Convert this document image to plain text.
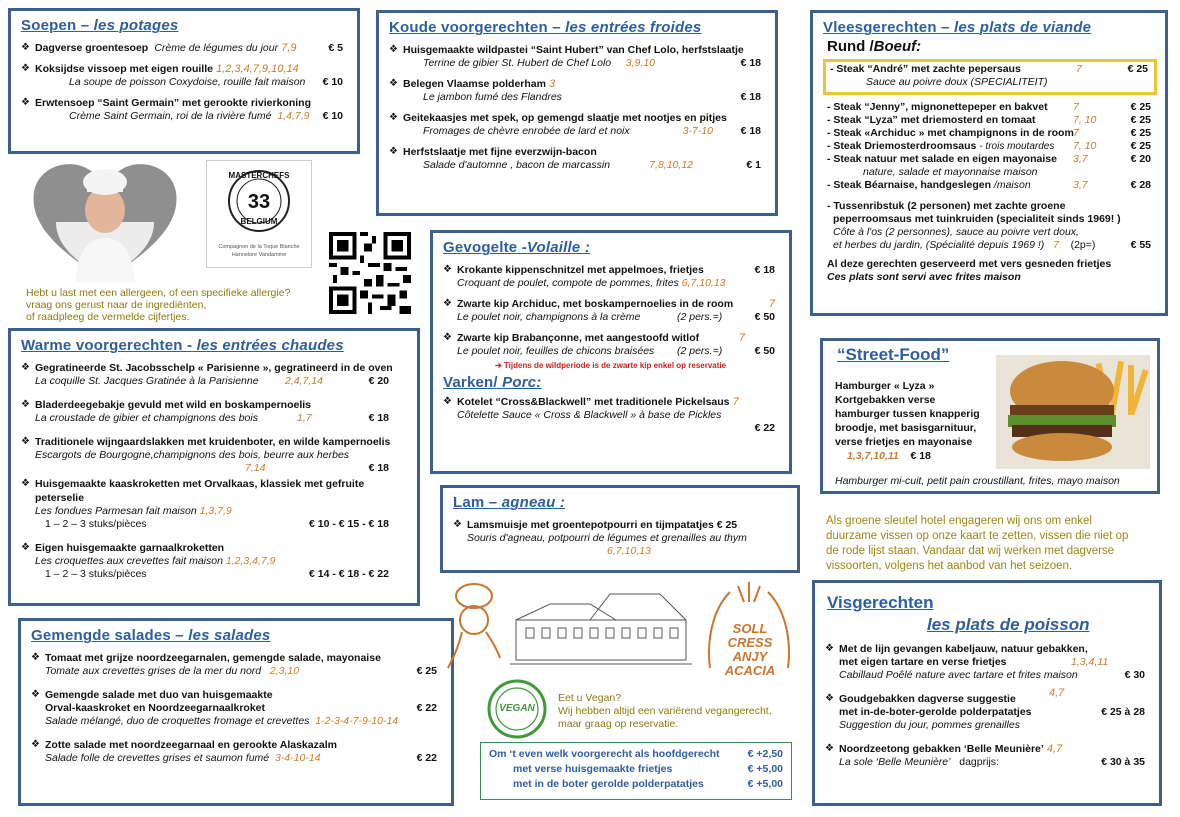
Soepen – les potages
❖ Dagverse groentesoep Crème de légumes du jour 7,9	€ 5
❖ Koksijdse vissoep met eigen rouille 1,2,3,4,7,9,10,14
La soupe de poisson Coxydoise, rouille fait maison € 10
❖ Erwtensoep “Saint Germain” met gerookte rivierkoning
Crème Saint Germain, roi de la rivière fumé 1,4,7,9 € 10
MASTERCHEFS
33
BELGIUM
Compagnon de la Toque Blanche Hannelore Vandamme
Hebt u last met een allergeen, of een specifieke allergie?
vraag ons gerust naar de ingrediënten,
of raadpleeg de vermelde cijfertjes.
Koude voorgerechten – les entrées froides
❖ Huisgemaakte wildpastei “Saint Hubert” van Chef Lolo, herfstslaatje
Terrine de gibier St. Hubert de Chef Lolo 3,9,10	€ 18
❖ Belegen Vlaamse polderham 3
Le jambon fumé des Flandres	€ 18
❖ Geitekaasjes met spek, op gemengd slaatje met nootjes en pitjes
Fromages de chèvre enrobée de lard et noix	3-7-10	€ 18
❖ Herfstslaatje met fijne everzwijn-bacon
Salade d'automne , bacon de marcassin	7,8,10,12	€ 1
Vleesgerechten – les plats de viande
Rund /Boeuf:
- Steak “André” met zachte pepersaus	7	€ 25
Sauce au poivre doux (SPECIALITEIT)
- Steak “Jenny”, mignonettepeper en bakvet 7	€ 25
- Steak “Lyza” met driemosterd en tomaat	7, 10	€ 25
- Steak «Archiduc » met champignons in de room 7	€ 25
- Steak Driemosterdroomsaus - trois moutardes 7, 10	€ 25
- Steak natuur met salade en eigen mayonaise 3,7	€ 20
nature, salade et mayonnaise maison
- Steak Béarnaise, handgeslegen /maison	3,7	€ 28
- Tussenribstuk (2 personen) met zachte groene
peperroomsaus met tuinkruiden (specialiteit sinds 1969! )
Côte à l'os (2 personnes), sauce au poivre vert doux,
et herbes du jardin, (Spécialité depuis 1969 !) 7 (2p=)	€ 55
Al deze gerechten geserveerd met vers gesneden frietjes
Ces plats sont servi avec frites maison
Gevogelte -Volaille :
❖ Krokante kippenschnitzel met appelmoes, frietjes	€ 18
Croquant de poulet, compote de pommes, frites 6,7,10,13
❖ Zwarte kip Archiduc, met boskampernoelies in de room	7
Le poulet noir, champignons à la crème	(2 pers.=)	€ 50
❖ Zwarte kip Brabançonne, met aangestoofd witlof	7
Le poulet noir, feuilles de chicons braisées (2 pers.=)	€ 50
➔ Tijdens de wildperiode is de zwarte kip enkel op reservatie
Varken/ Porc:
❖ Kotelet “Cross&Blackwell” met traditionele Pickelsaus 7
Côtelette Sauce « Cross & Blackwell » à base de Pickles
€ 22
Lam – agneau :
❖ Lamsmuisje met groentepotpourri en tijmpatatjes € 25
Souris d'agneau, potpourri de légumes et grenailles au thym
6,7,10,13
Warme voorgerechten - les entrées chaudes
❖ Gegratineerde St. Jacobsschelp « Parisienne », gegratineerd in de oven
La coquille St. Jacques Gratinée à la Parisienne	2,4,7,14	€ 20
❖ Bladerdeegebakje gevuld met wild en boskampernoelis
La croustade de gibier et champignons des bois	1,7	€ 18
❖ Traditionele wijngaardslakken met kruidenboter, en wilde kampernoelis
Escargots de Bourgogne,champignons des bois, beurre aux herbes
7,14	€ 18

❖ Huisgemaakte kaaskroketten met Orvalkaas, klassiek met gefruite peterselie
Les fondues Parmesan fait maison 1,3,7,9
1 – 2 – 3 stuks/pièces	€ 10 - € 15 - € 18
❖ Eigen huisgemaakte garnaalkroketten
Les croquettes aux crevettes fait maison 1,2,3,4,7,9
1 – 2 – 3 stuks/pièces	€ 14 - € 18 - € 22
Gemengde salades – les salades
❖ Tomaat met grijze noordzeegarnalen, gemengde salade, mayonaise
Tomate aux crevettes grises de la mer du nord 2,3,10	€ 25
❖ Gemengde salade met duo van huisgemaakte
Orval-kaaskroket en Noordzeegarnaalkroket	€ 22
Salade mélangé, duo de croquettes fromage et crevettes 1-2-3-4-7-9-10-14
❖ Zotte salade met noordzeegarnaal en gerookte Alaskazalm
Salade folle de crevettes grises et saumon fumé 3-4-10-14	€ 22
“Street-Food”
Hamburger « Lyza »
Kortgebakken verse
hamburger tussen knapperig
broodje, met basisgarnituur,
verse frietjes en mayonaise
1,3,7,10,11 € 18
Hamburger mi-cuit, petit pain croustillant, frites, mayo maison
Als groene sleutel hotel engageren wij ons om enkel
duurzame vissen op onze kaart te zetten, vissen die niet op
de rode lijst staan. Vandaar dat wij werken met dagverse
vissoorten, volgens het aanbod van het seizoen.
Visgerechten
les plats de poisson
❖ Met de lijn gevangen kabeljauw, natuur gebakken,
met eigen tartare en verse frietjes	1,3,4,11
Cabillaud Poêlé nature avec tartare et frites maison	€ 30
❖ Goudgebakken dagverse suggestie	4,7
met in-de-boter-gerolde polderpatatjes	€ 25 à 28
Suggestion du jour, pommes grenailles
❖ Noordzeetong gebakken ‘Belle Meunière’ 4,7
La sole ‘Belle Meunière’ dagprijs:	€ 30 à 35
SOLL
CRESS
ANJY
ACACIA
VEGAN
Eet u Vegan?
Wij hebben altijd een variërend vegangerecht,
maar graag op reservatie.
Om ‘t even welk voorgerecht als hoofdgerecht	€ +2,50
met verse huisgemaakte frietjes	€ +5,00
met in de boter gerolde polderpatatjes	€ +5,00
